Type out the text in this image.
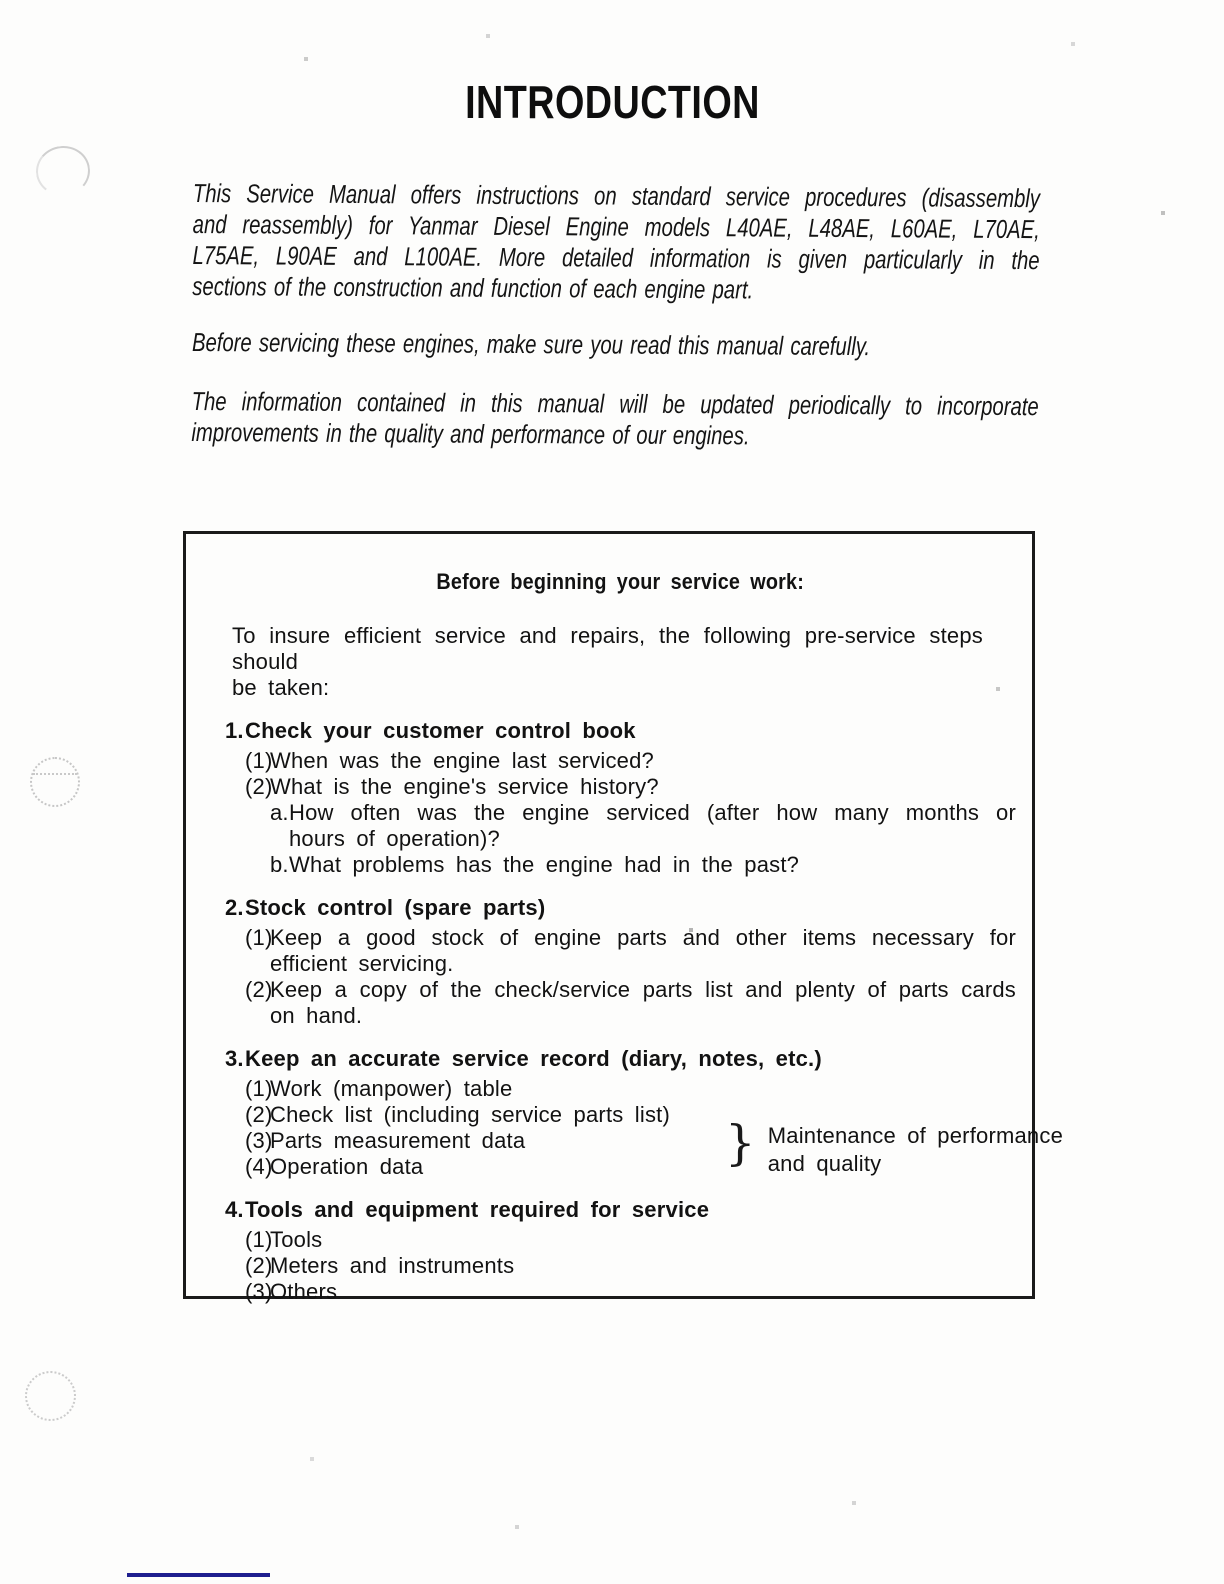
INTRODUCTION

This Service Manual offers instructions on standard service procedures (disassembly
and reassembly) for Yanmar Diesel Engine models L40AE, L48AE, L60AE, L70AE,
L75AE, L90AE and L100AE. More detailed information is given particularly in the
sections of the construction and function of each engine part.

Before servicing these engines, make sure you read this manual carefully.

The information contained in this manual will be updated periodically to incorporate
improvements in the quality and performance of our engines.

Before beginning your service work:
To insure efficient service and repairs, the following pre-service steps should
be taken:
1. Check your customer control book
(1)
When was the engine last serviced?
(2)
What is the engine's service history?
a. How often was the engine serviced (after how many months or
hours of operation)?
b. What problems has the engine had in the past?
2. Stock control (spare parts)
(1)
Keep a good stock of engine parts and other items necessary for
efficient servicing.
(2)
Keep a copy of the check/service parts list and plenty of parts cards
on hand.
3. Keep an accurate service record (diary, notes, etc.)
(1)
Work (manpower) table
(2)
Check list (including service parts list)
(3)
Parts measurement data
(4)
Operation data	} Maintenance of performance
and quality
4. Tools and equipment required for service
(1)
Tools
(2)
Meters and instruments
(3)
Others
